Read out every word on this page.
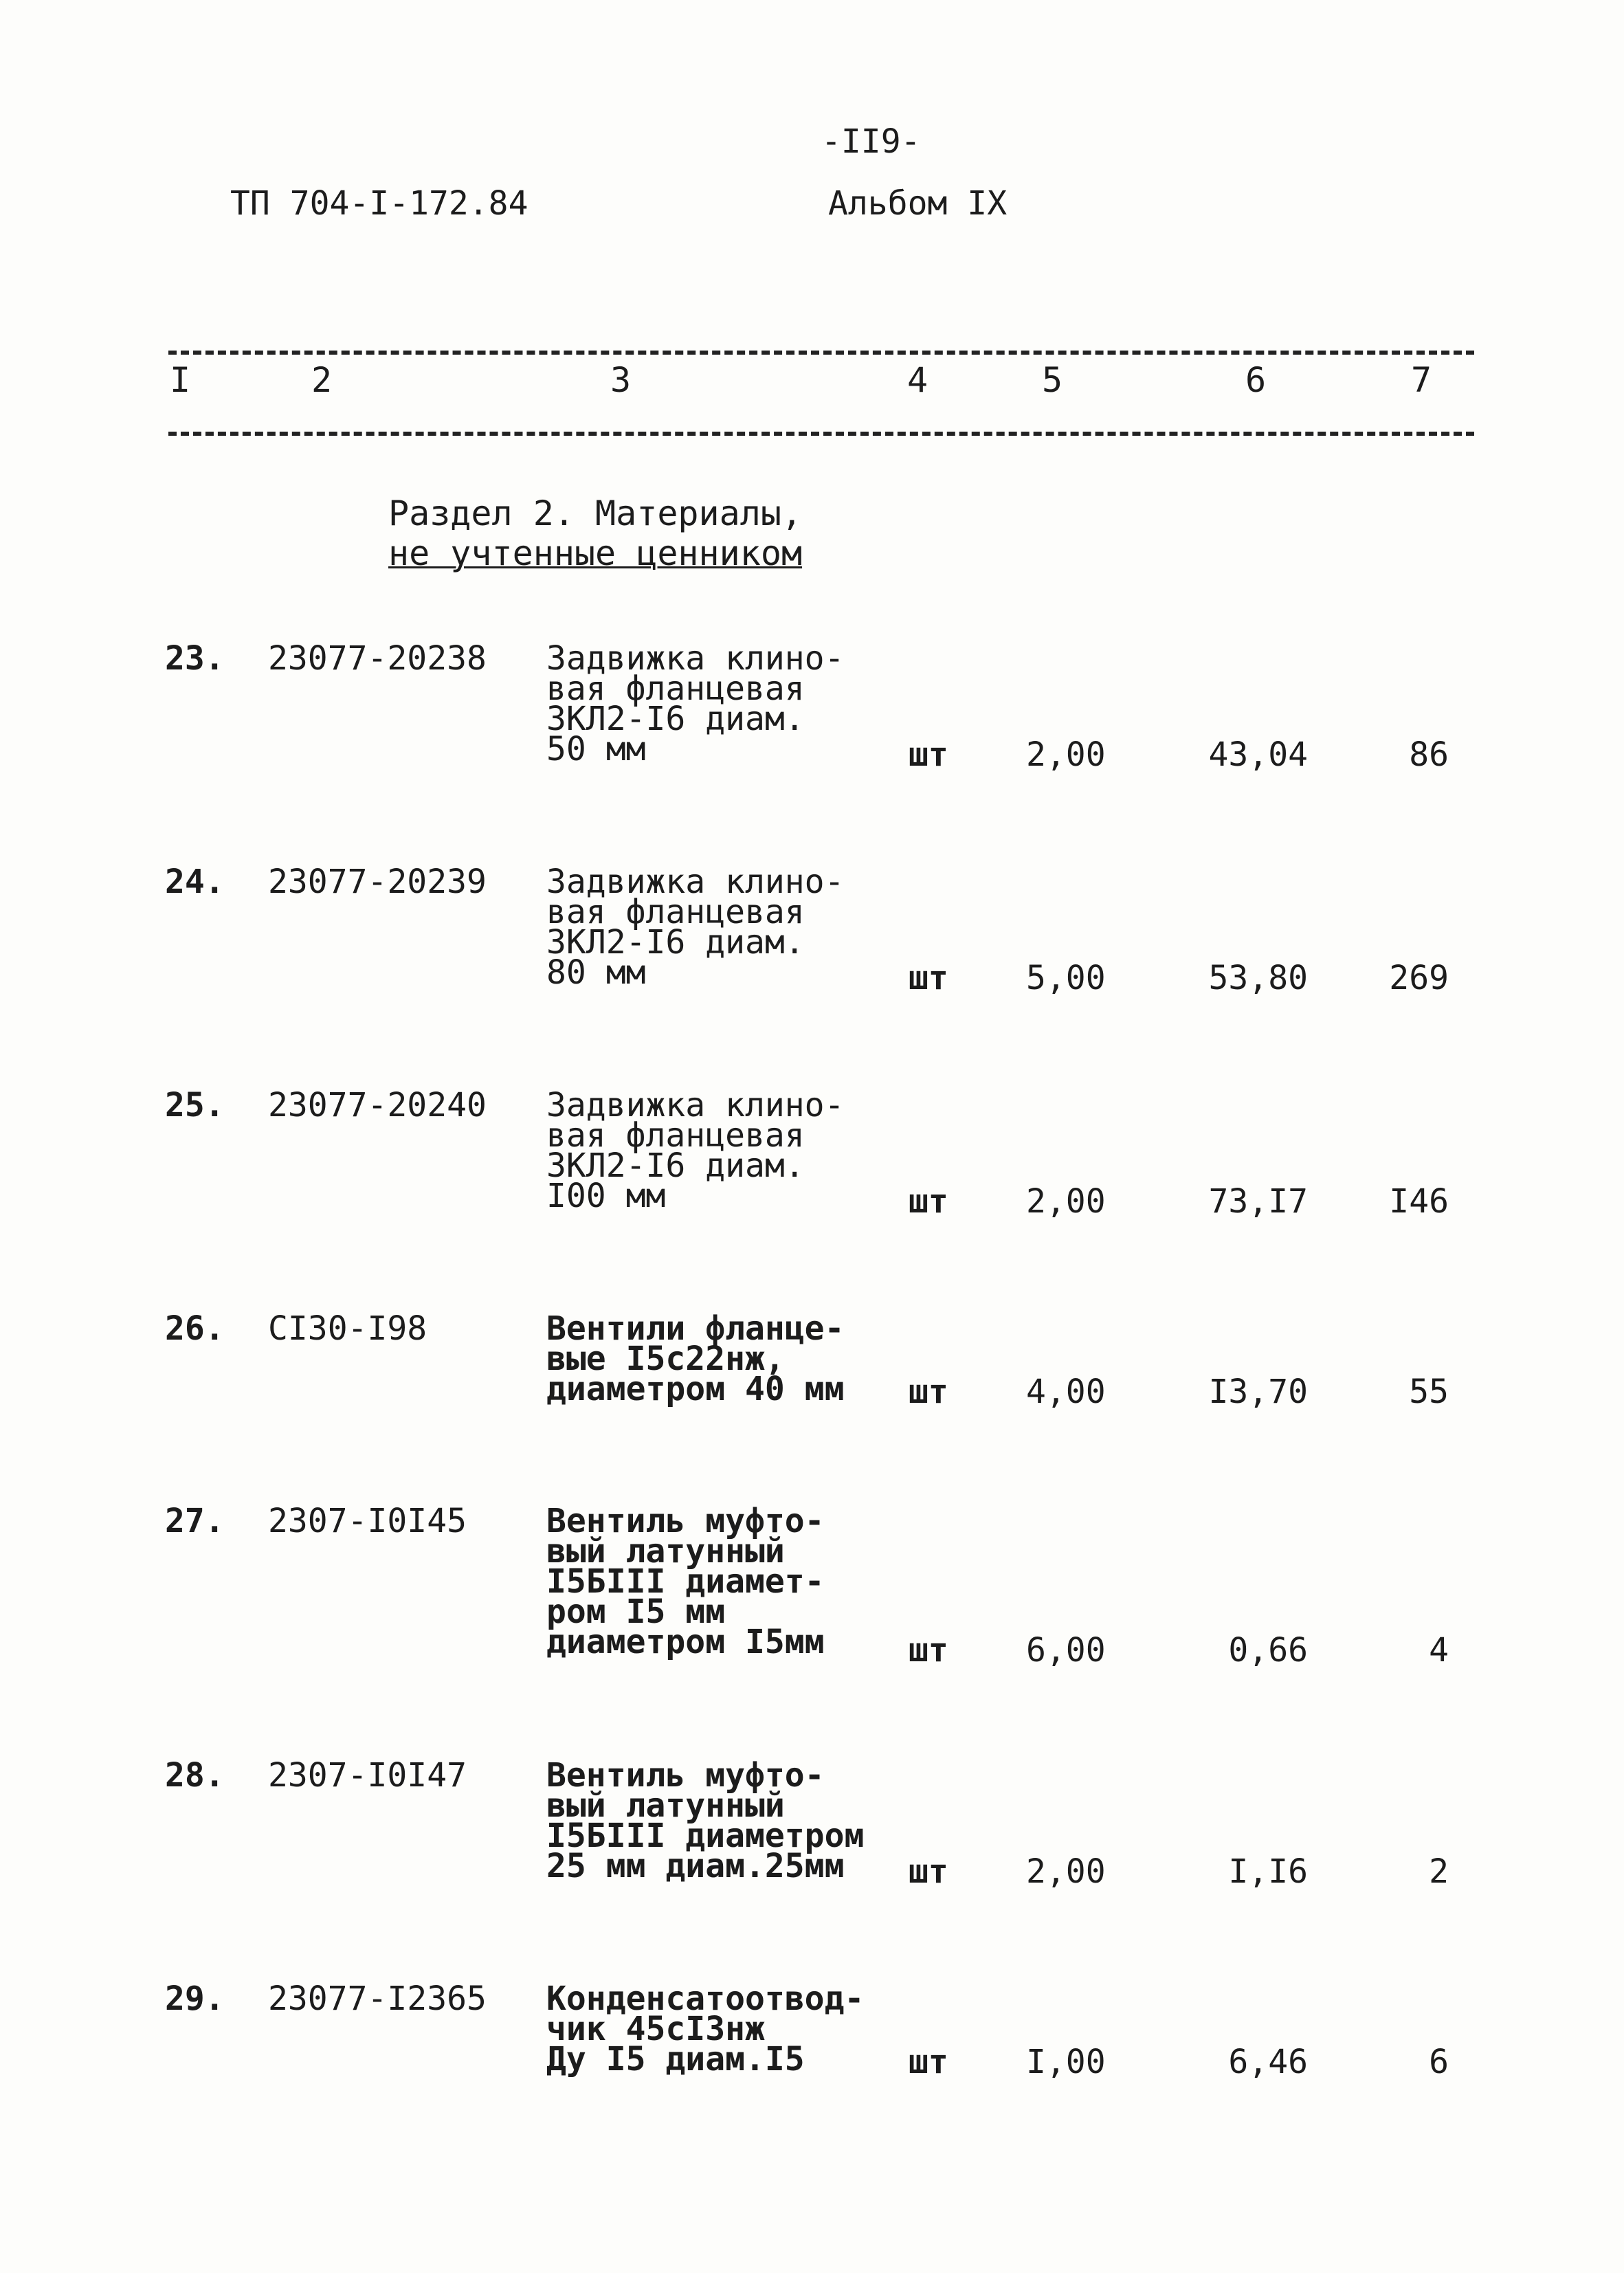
-II9-
ТП 704-I-172.84	Альбом IX
I	2	3	4	5	6	7
Раздел 2. Материалы,
не учтенные ценником
23. 23077-20238 Задвижка клино-
вая фланцевая
ЗКЛ2-I6 диам.
50 мм	шт 2,00	43,04	86
24. 23077-20239 Задвижка клино-
вая фланцевая
ЗКЛ2-I6 диам.
80 мм	шт 5,00	53,80 269
25. 23077-20240 Задвижка клино-
вая фланцевая
ЗКЛ2-I6 диам.
I00 мм	шт 2,00	73,I7 I46
26. CI30-I98	Вентили фланце-
вые I5с22нж,
диаметром 40 мм шт 4,00	I3,70	55
27. 2307-I0I45 Вентиль муфто-
вый латунный
I5БIII диамет-
ром I5 мм
диаметром I5мм	шт 6,00	0,66	4
28. 2307-I0I47 Вентиль муфто-
вый латунный
I5БIII диаметром
25 мм диам.25мм	шт 2,00	I,I6	2
29. 23077-I2365 Конденсатоотвод-
чик 45сI3нж
Ду I5 диам.I5	шт I,00	6,46	6
